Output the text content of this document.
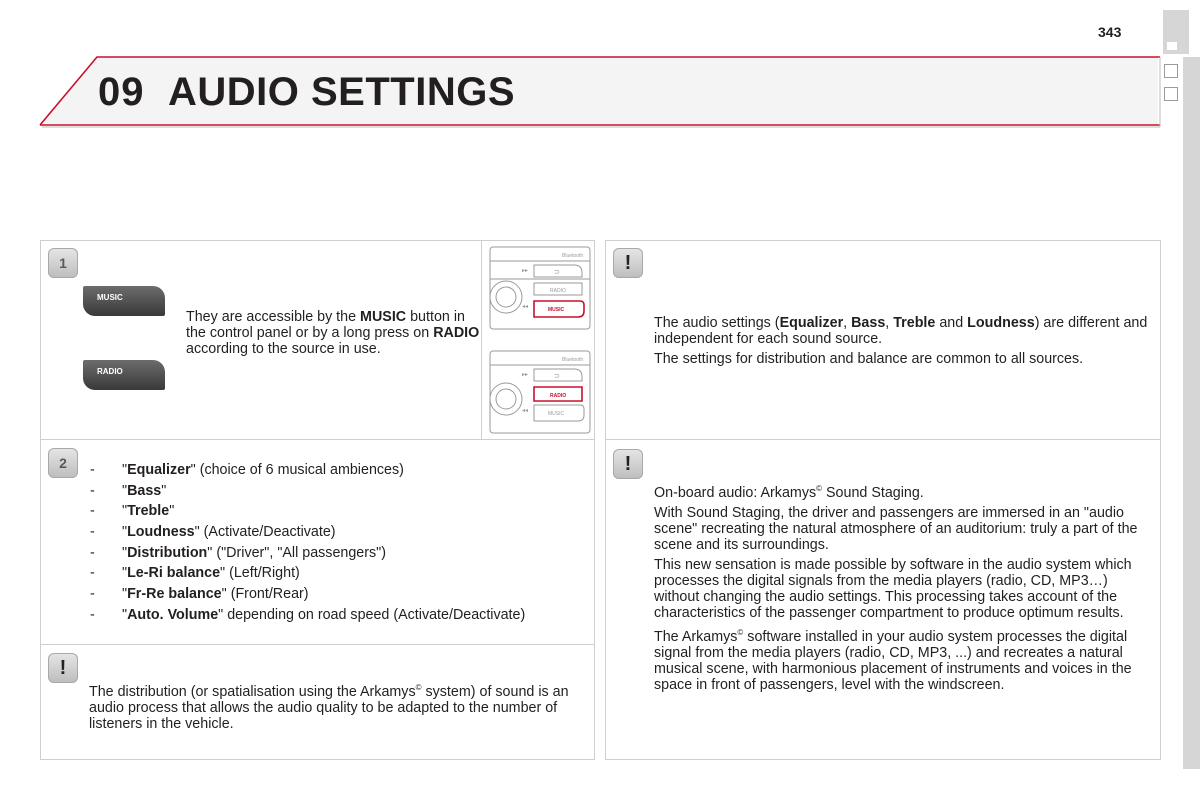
343
09 AUDIO SETTINGS
1
MUSIC
RADIO
They are accessible by the MUSIC button in the control panel or by a long press on RADIO according to the source in use.
▸▸
◂◂
Bluetooth
⊃
RADIO
MUSIC
▸▸
◂◂
Bluetooth
⊃
RADIO
MUSIC
2
-	"Equalizer" (choice of 6 musical ambiences)
- "Bass"
- "Treble"
- "Loudness" (Activate/Deactivate)
- "Distribution" ("Driver", "All passengers")
- "Le-Ri balance" (Left/Right)
- "Fr-Re balance" (Front/Rear)
- "Auto. Volume" depending on road speed (Activate/Deactivate)
!
The distribution (or spatialisation using the Arkamys© system) of sound is an audio process that allows the audio quality to be adapted to the number of listeners in the vehicle.
!

The audio settings (Equalizer, Bass, Treble and Loudness) are different and independent for each sound source.

The settings for distribution and balance are common to all sources.

!

On-board audio: Arkamys© Sound Staging.

With Sound Staging, the driver and passengers are immersed in an "audio scene" recreating the natural atmosphere of an auditorium: truly a part of the scene and its surroundings.

This new sensation is made possible by software in the audio system which processes the digital signals from the media players (radio, CD, MP3…) without changing the audio settings. This processing takes account of the characteristics of the passenger compartment to produce optimum results.

The Arkamys© software installed in your audio system processes the digital signal from the media players (radio, CD, MP3, ...) and recreates a natural musical scene, with harmonious placement of instruments and voices in the space in front of passengers, level with the windscreen.
